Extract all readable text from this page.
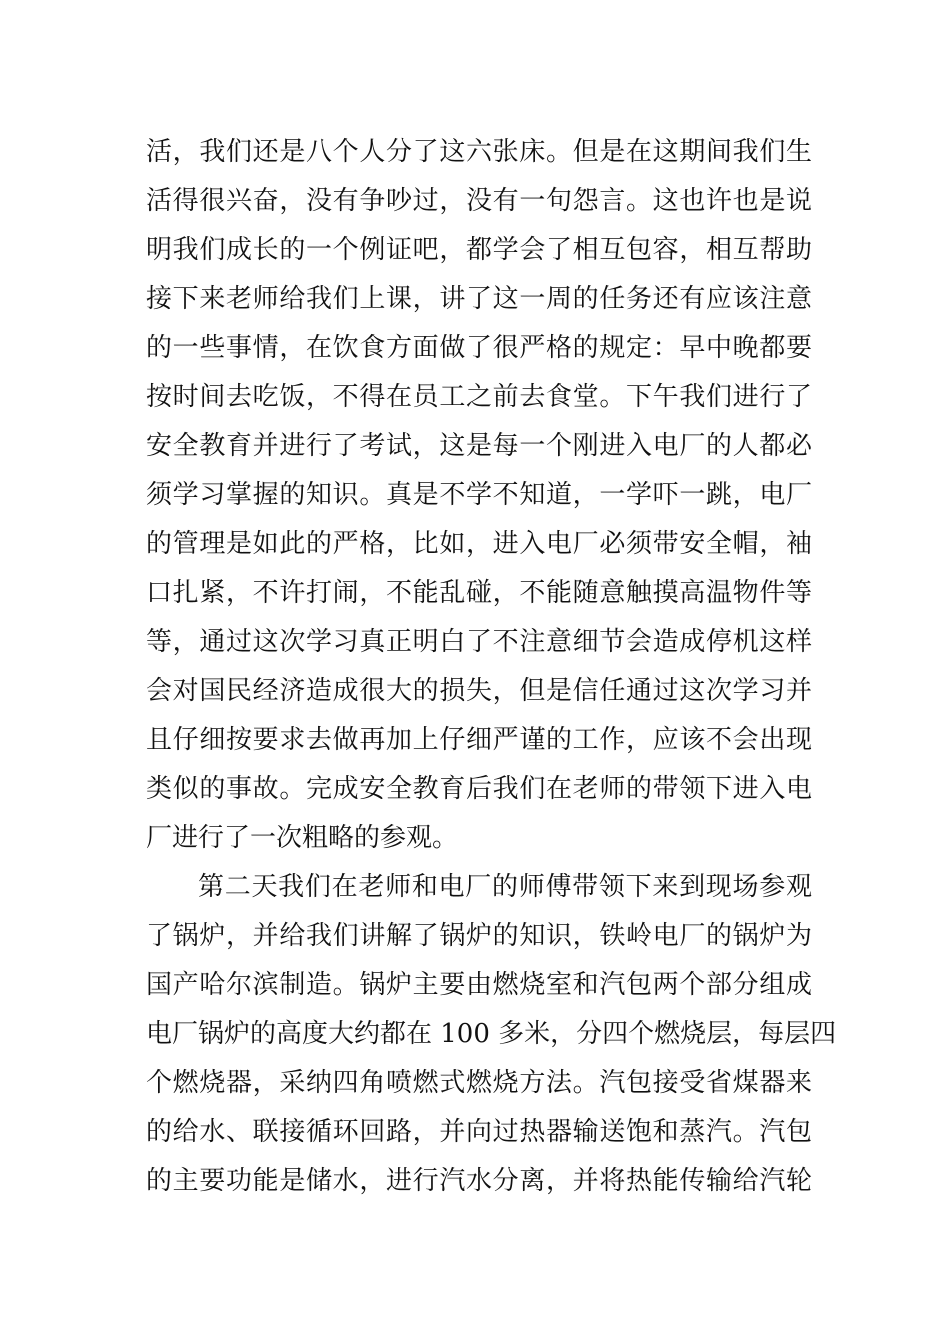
活，我们还是八个人分了这六张床。但是在这期间我们生
活得很兴奋，没有争吵过，没有一句怨言。这也许也是说
明我们成长的一个例证吧，都学会了相互包容，相互帮助
接下来老师给我们上课，讲了这一周的任务还有应该注意
的一些事情，在饮食方面做了很严格的规定：早中晚都要
按时间去吃饭，不得在员工之前去食堂。下午我们进行了
安全教育并进行了考试，这是每一个刚进入电厂的人都必
须学习掌握的知识。真是不学不知道，一学吓一跳，电厂
的管理是如此的严格，比如，进入电厂必须带安全帽，袖
口扎紧，不许打闹，不能乱碰，不能随意触摸高温物件等
等，通过这次学习真正明白了不注意细节会造成停机这样
会对国民经济造成很大的损失，但是信任通过这次学习并
且仔细按要求去做再加上仔细严谨的工作，应该不会出现
类似的事故。完成安全教育后我们在老师的带领下进入电
厂进行了一次粗略的参观。
第二天我们在老师和电厂的师傅带领下来到现场参观
了锅炉，并给我们讲解了锅炉的知识，铁岭电厂的锅炉为
国产哈尔滨制造。锅炉主要由燃烧室和汽包两个部分组成
电厂锅炉的高度大约都在 100 多米，分四个燃烧层，每层四
个燃烧器，采纳四角喷燃式燃烧方法。汽包接受省煤器来
的给水、联接循环回路，并向过热器输送饱和蒸汽。汽包
的主要功能是储水，进行汽水分离，并将热能传输给汽轮
